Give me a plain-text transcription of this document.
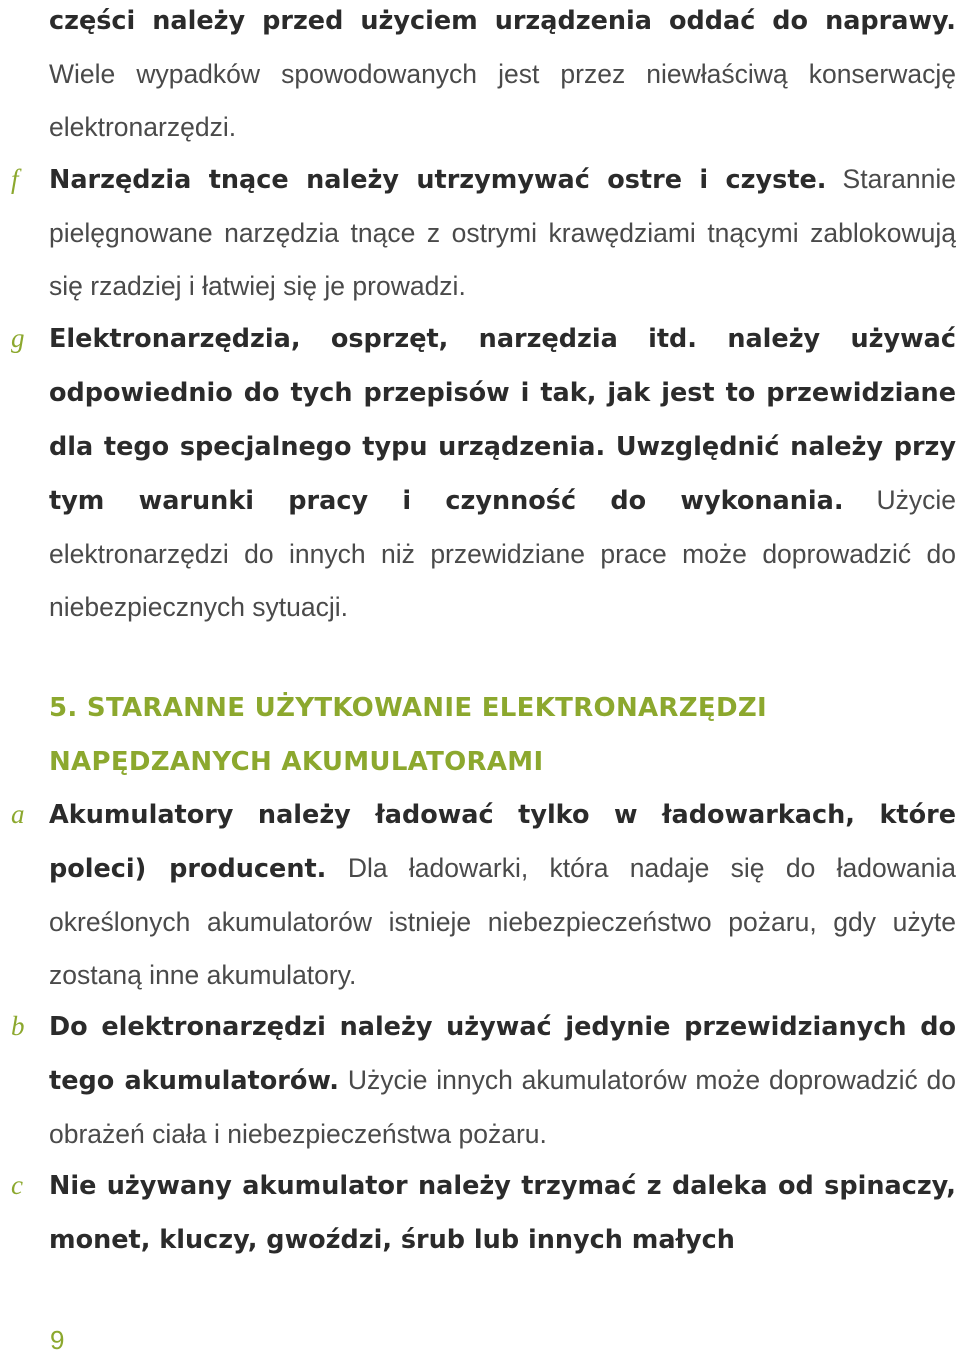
części należy przed użyciem urządzenia oddać do naprawy. Wiele wypadków spowodowanych jest przez niewłaściwą konserwację elektronarzędzi.
f Narzędzia tnące należy utrzymywać ostre i czyste. Starannie pielęgnowane narzędzia tnące z ostrymi krawędziami tnącymi zablokowują się rzadziej i łatwiej się je prowadzi.
g Elektronarzędzia, osprzęt, narzędzia itd. należy używać odpowiednio do tych przepisów i tak, jak jest to przewidziane dla tego specjalnego typu urządzenia. Uwzględnić należy przy tym warunki pracy i czynność do wykonania. Użycie elektronarzędzi do innych niż przewidziane prace może doprowadzić do niebezpiecznych sytuacji.
5. STARANNE UŻYTKOWANIE ELEKTRONARZĘDZI
NAPĘDZANYCH AKUMULATORAMI
a Akumulatory należy ładować tylko w ładowarkach, które poleci) producent. Dla ładowarki, która nadaje się do ładowania określonych akumulatorów istnieje niebezpieczeństwo pożaru, gdy użyte zostaną inne akumulatory.
b Do elektronarzędzi należy używać jedynie przewidzianych do tego akumulatorów. Użycie innych akumulatorów może doprowadzić do obrażeń ciała i niebezpieczeństwa pożaru.
c Nie używany akumulator należy trzymać z daleka od spinaczy, monet, kluczy, gwoździ, śrub lub innych małych
9
